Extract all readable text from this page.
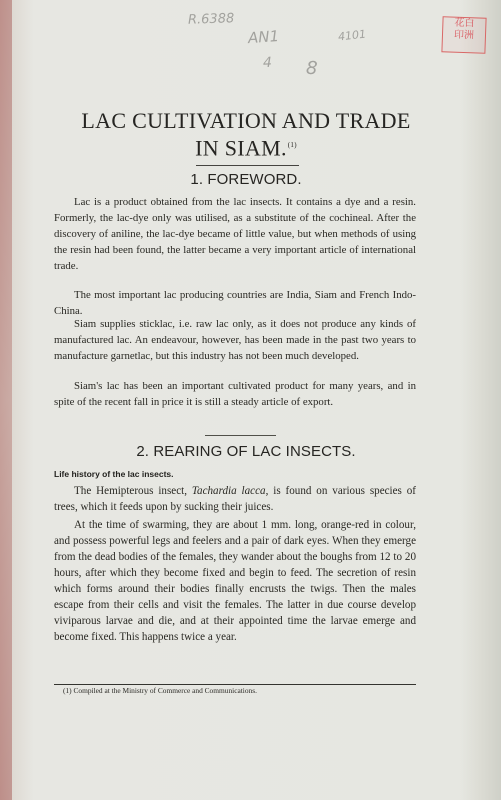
R.6388
AN1	4101
4 8
花白
印洲
LAC CULTIVATION AND TRADE
IN SIAM.$^{(1)}$
1. FOREWORD.

Lac is a product obtained from the lac insects. It contains a dye and a resin. Formerly, the lac-dye only was utilised, as a substitute of the cochineal. After the discovery of aniline, the lac-dye became of little value, but when methods of using the resin had been found, the latter became a very important article of international trade.

The most important lac producing countries are India, Siam and French Indo-China.

Siam supplies sticklac, i.e. raw lac only, as it does not produce any kinds of manufactured lac. An endeavour, however, has been made in the past two years to manufacture garnetlac, but this industry has not been much developed.

Siam's lac has been an important cultivated product for many years, and in spite of the recent fall in price it is still a steady article of export.

2. REARING OF LAC INSECTS.
Life history of the lac insects.

The Hemipterous insect, Tachardia lacca, is found on various species of trees, which it feeds upon by sucking their juices.

At the time of swarming, they are about 1 mm. long, orange-red in colour, and possess powerful legs and feelers and a pair of dark eyes. When they emerge from the dead bodies of the females, they wander about the boughs from 12 to 20 hours, after which they become fixed and begin to feed. The secretion of resin which forms around their bodies finally encrusts the twigs. Then the males escape from their cells and visit the females. The latter in due course develop viviparous larvae and die, and at their appointed time the larvae emerge and become fixed. This happens twice a year.

(1) Compiled at the Ministry of Commerce and Communications.
